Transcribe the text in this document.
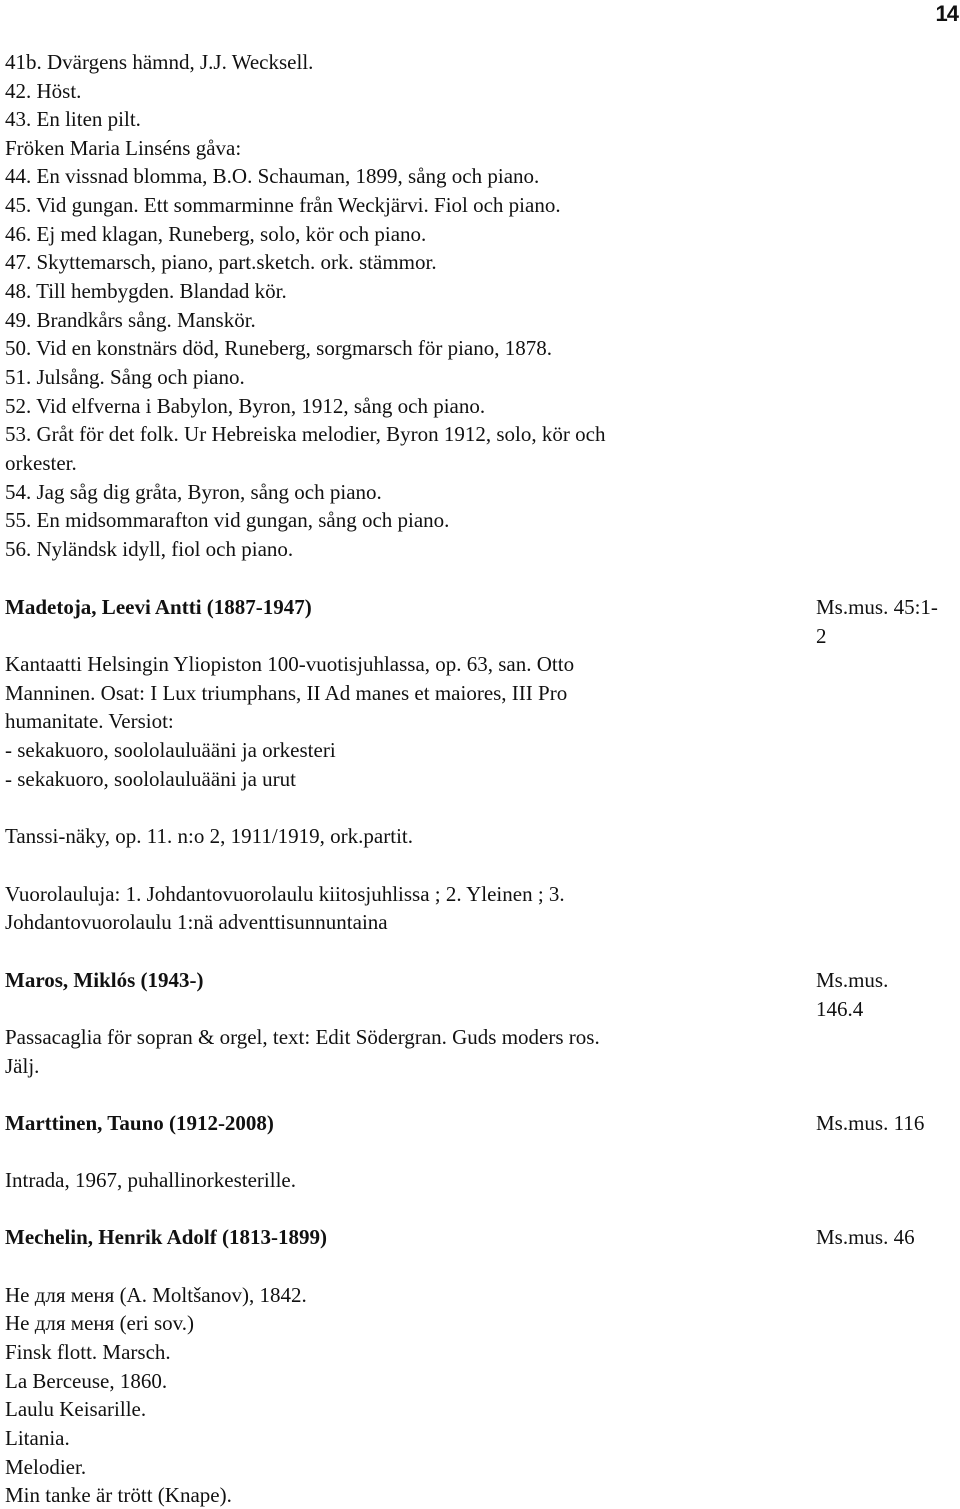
14
41b. Dvärgens hämnd, J.J. Wecksell.
42. Höst.
43. En liten pilt.
Fröken Maria Linséns gåva:
44. En vissnad blomma, B.O. Schauman, 1899, sång och piano.
45. Vid gungan. Ett sommarminne från Weckjärvi. Fiol och piano.
46. Ej med klagan, Runeberg, solo, kör och piano.
47. Skyttemarsch, piano, part.sketch. ork. stämmor.
48. Till hembygden. Blandad kör.
49. Brandkårs sång. Manskör.
50. Vid en konstnärs död, Runeberg, sorgmarsch för piano, 1878.
51. Julsång. Sång och piano.
52. Vid elfverna i Babylon, Byron, 1912, sång och piano.
53. Gråt för det folk. Ur Hebreiska melodier, Byron 1912, solo, kör och
orkester.
54. Jag såg dig gråta, Byron, sång och piano.
55. En midsommarafton vid gungan, sång och piano.
56. Nyländsk idyll, fiol och piano.
Madetoja, Leevi Antti (1887-1947)	Ms.mus. 45:1-
2
Kantaatti Helsingin Yliopiston 100-vuotisjuhlassa, op. 63, san. Otto
Manninen. Osat: I Lux triumphans, II Ad manes et maiores, III Pro
humanitate. Versiot:
- sekakuoro, soololauluääni ja orkesteri
- sekakuoro, soololauluääni ja urut
Tanssi-näky, op. 11. n:o 2, 1911/1919, ork.partit.
Vuorolauluja: 1. Johdantovuorolaulu kiitosjuhlissa ; 2. Yleinen ; 3.
Johdantovuorolaulu 1:nä adventtisunnuntaina
Maros, Miklós (1943-)	Ms.mus.
146.4
Passacaglia för sopran & orgel, text: Edit Södergran. Guds moders ros.
Jälj.
Marttinen, Tauno (1912-2008)	Ms.mus. 116
Intrada, 1967, puhallinorkesterille.
Mechelin, Henrik Adolf (1813-1899)	Ms.mus. 46
Не для меня (A. Moltšanov), 1842.
Не для меня (eri sov.)
Finsk flott. Marsch.
La Berceuse, 1860.
Laulu Keisarille.
Litania.
Melodier.
Min tanke är trött (Knape).
